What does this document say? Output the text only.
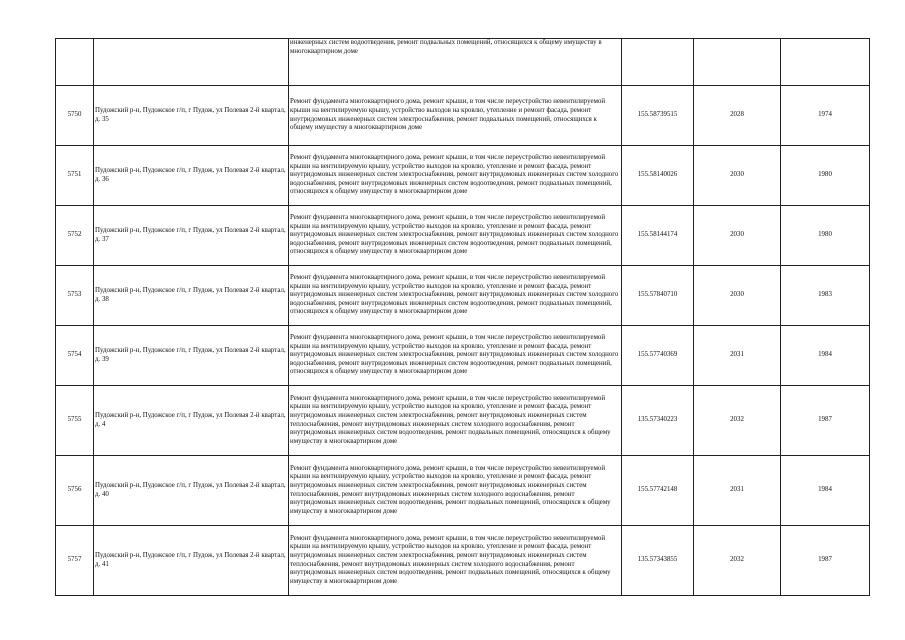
		инженерных систем водоотведения, ремонт подвальных помещений, относящихся к общему имуществу в многоквартирном доме			

5750	Пудожский р-н, Пудожское г/п, г Пудож, ул Полевая 2-й квартал, д. 35	Ремонт фундамента многоквартирного дома, ремонт крыши, в том числе переустройство невентилируемой крыши на вентилируемую крышу, устройство выходов на кровлю, утепление и ремонт фасада, ремонт внутридомовых инженерных систем электроснабжения, ремонт подвальных помещений, относящихся к общему имуществу в многоквартирном доме	155.58739515	2028	1974
5751	Пудожский р-н, Пудожское г/п, г Пудож, ул Полевая 2-й квартал, д. 36	Ремонт фундамента многоквартирного дома, ремонт крыши, в том числе переустройство невентилируемой крыши на вентилируемую крышу, устройство выходов на кровлю, утепление и ремонт фасада, ремонт внутридомовых инженерных систем электроснабжения, ремонт внутридомовых инженерных систем холодного водоснабжения, ремонт внутридомовых инженерных систем водоотведения, ремонт подвальных помещений, относящихся к общему имуществу в многоквартирном доме	155.58140026	2030	1980
5752	Пудожский р-н, Пудожское г/п, г Пудож, ул Полевая 2-й квартал, д. 37	Ремонт фундамента многоквартирного дома, ремонт крыши, в том числе переустройство невентилируемой крыши на вентилируемую крышу, устройство выходов на кровлю, утепление и ремонт фасада, ремонт внутридомовых инженерных систем электроснабжения, ремонт внутридомовых инженерных систем холодного водоснабжения, ремонт внутридомовых инженерных систем водоотведения, ремонт подвальных помещений, относящихся к общему имуществу в многоквартирном доме	155.58144174	2030	1980
5753	Пудожский р-н, Пудожское г/п, г Пудож, ул Полевая 2-й квартал, д. 38	Ремонт фундамента многоквартирного дома, ремонт крыши, в том числе переустройство невентилируемой крыши на вентилируемую крышу, устройство выходов на кровлю, утепление и ремонт фасада, ремонт внутридомовых инженерных систем электроснабжения, ремонт внутридомовых инженерных систем холодного водоснабжения, ремонт внутридомовых инженерных систем водоотведения, ремонт подвальных помещений, относящихся к общему имуществу в многоквартирном доме	155.57840710	2030	1983
5754	Пудожский р-н, Пудожское г/п, г Пудож, ул Полевая 2-й квартал, д. 39	Ремонт фундамента многоквартирного дома, ремонт крыши, в том числе переустройство невентилируемой крыши на вентилируемую крышу, устройство выходов на кровлю, утепление и ремонт фасада, ремонт внутридомовых инженерных систем электроснабжения, ремонт внутридомовых инженерных систем холодного водоснабжения, ремонт внутридомовых инженерных систем водоотведения, ремонт подвальных помещений, относящихся к общему имуществу в многоквартирном доме	155.57740369	2031	1984
5755	Пудожский р-н, Пудожское г/п, г Пудож, ул Полевая 2-й квартал, д. 4	Ремонт фундамента многоквартирного дома, ремонт крыши, в том числе переустройство невентилируемой крыши на вентилируемую крышу, устройство выходов на кровлю, утепление и ремонт фасада, ремонт внутридомовых инженерных систем электроснабжения, ремонт внутридомовых инженерных систем теплоснабжения, ремонт внутридомовых инженерных систем холодного водоснабжения, ремонт внутридомовых инженерных систем водоотведения, ремонт подвальных помещений, относящихся к общему имуществу в многоквартирном доме	135.57340223	2032	1987
5756	Пудожский р-н, Пудожское г/п, г Пудож, ул Полевая 2-й квартал, д. 40	Ремонт фундамента многоквартирного дома, ремонт крыши, в том числе переустройство невентилируемой крыши на вентилируемую крышу, устройство выходов на кровлю, утепление и ремонт фасада, ремонт внутридомовых инженерных систем электроснабжения, ремонт внутридомовых инженерных систем теплоснабжения, ремонт внутридомовых инженерных систем холодного водоснабжения, ремонт внутридомовых инженерных систем водоотведения, ремонт подвальных помещений, относящихся к общему имуществу в многоквартирном доме	155.57742148	2031	1984
5757	Пудожский р-н, Пудожское г/п, г Пудож, ул Полевая 2-й квартал, д. 41	Ремонт фундамента многоквартирного дома, ремонт крыши, в том числе переустройство невентилируемой крыши на вентилируемую крышу, устройство выходов на кровлю, утепление и ремонт фасада, ремонт внутридомовых инженерных систем электроснабжения, ремонт внутридомовых инженерных систем теплоснабжения, ремонт внутридомовых инженерных систем холодного водоснабжения, ремонт внутридомовых инженерных систем водоотведения, ремонт подвальных помещений, относящихся к общему имуществу в многоквартирном доме	135.57343855	2032	1987
